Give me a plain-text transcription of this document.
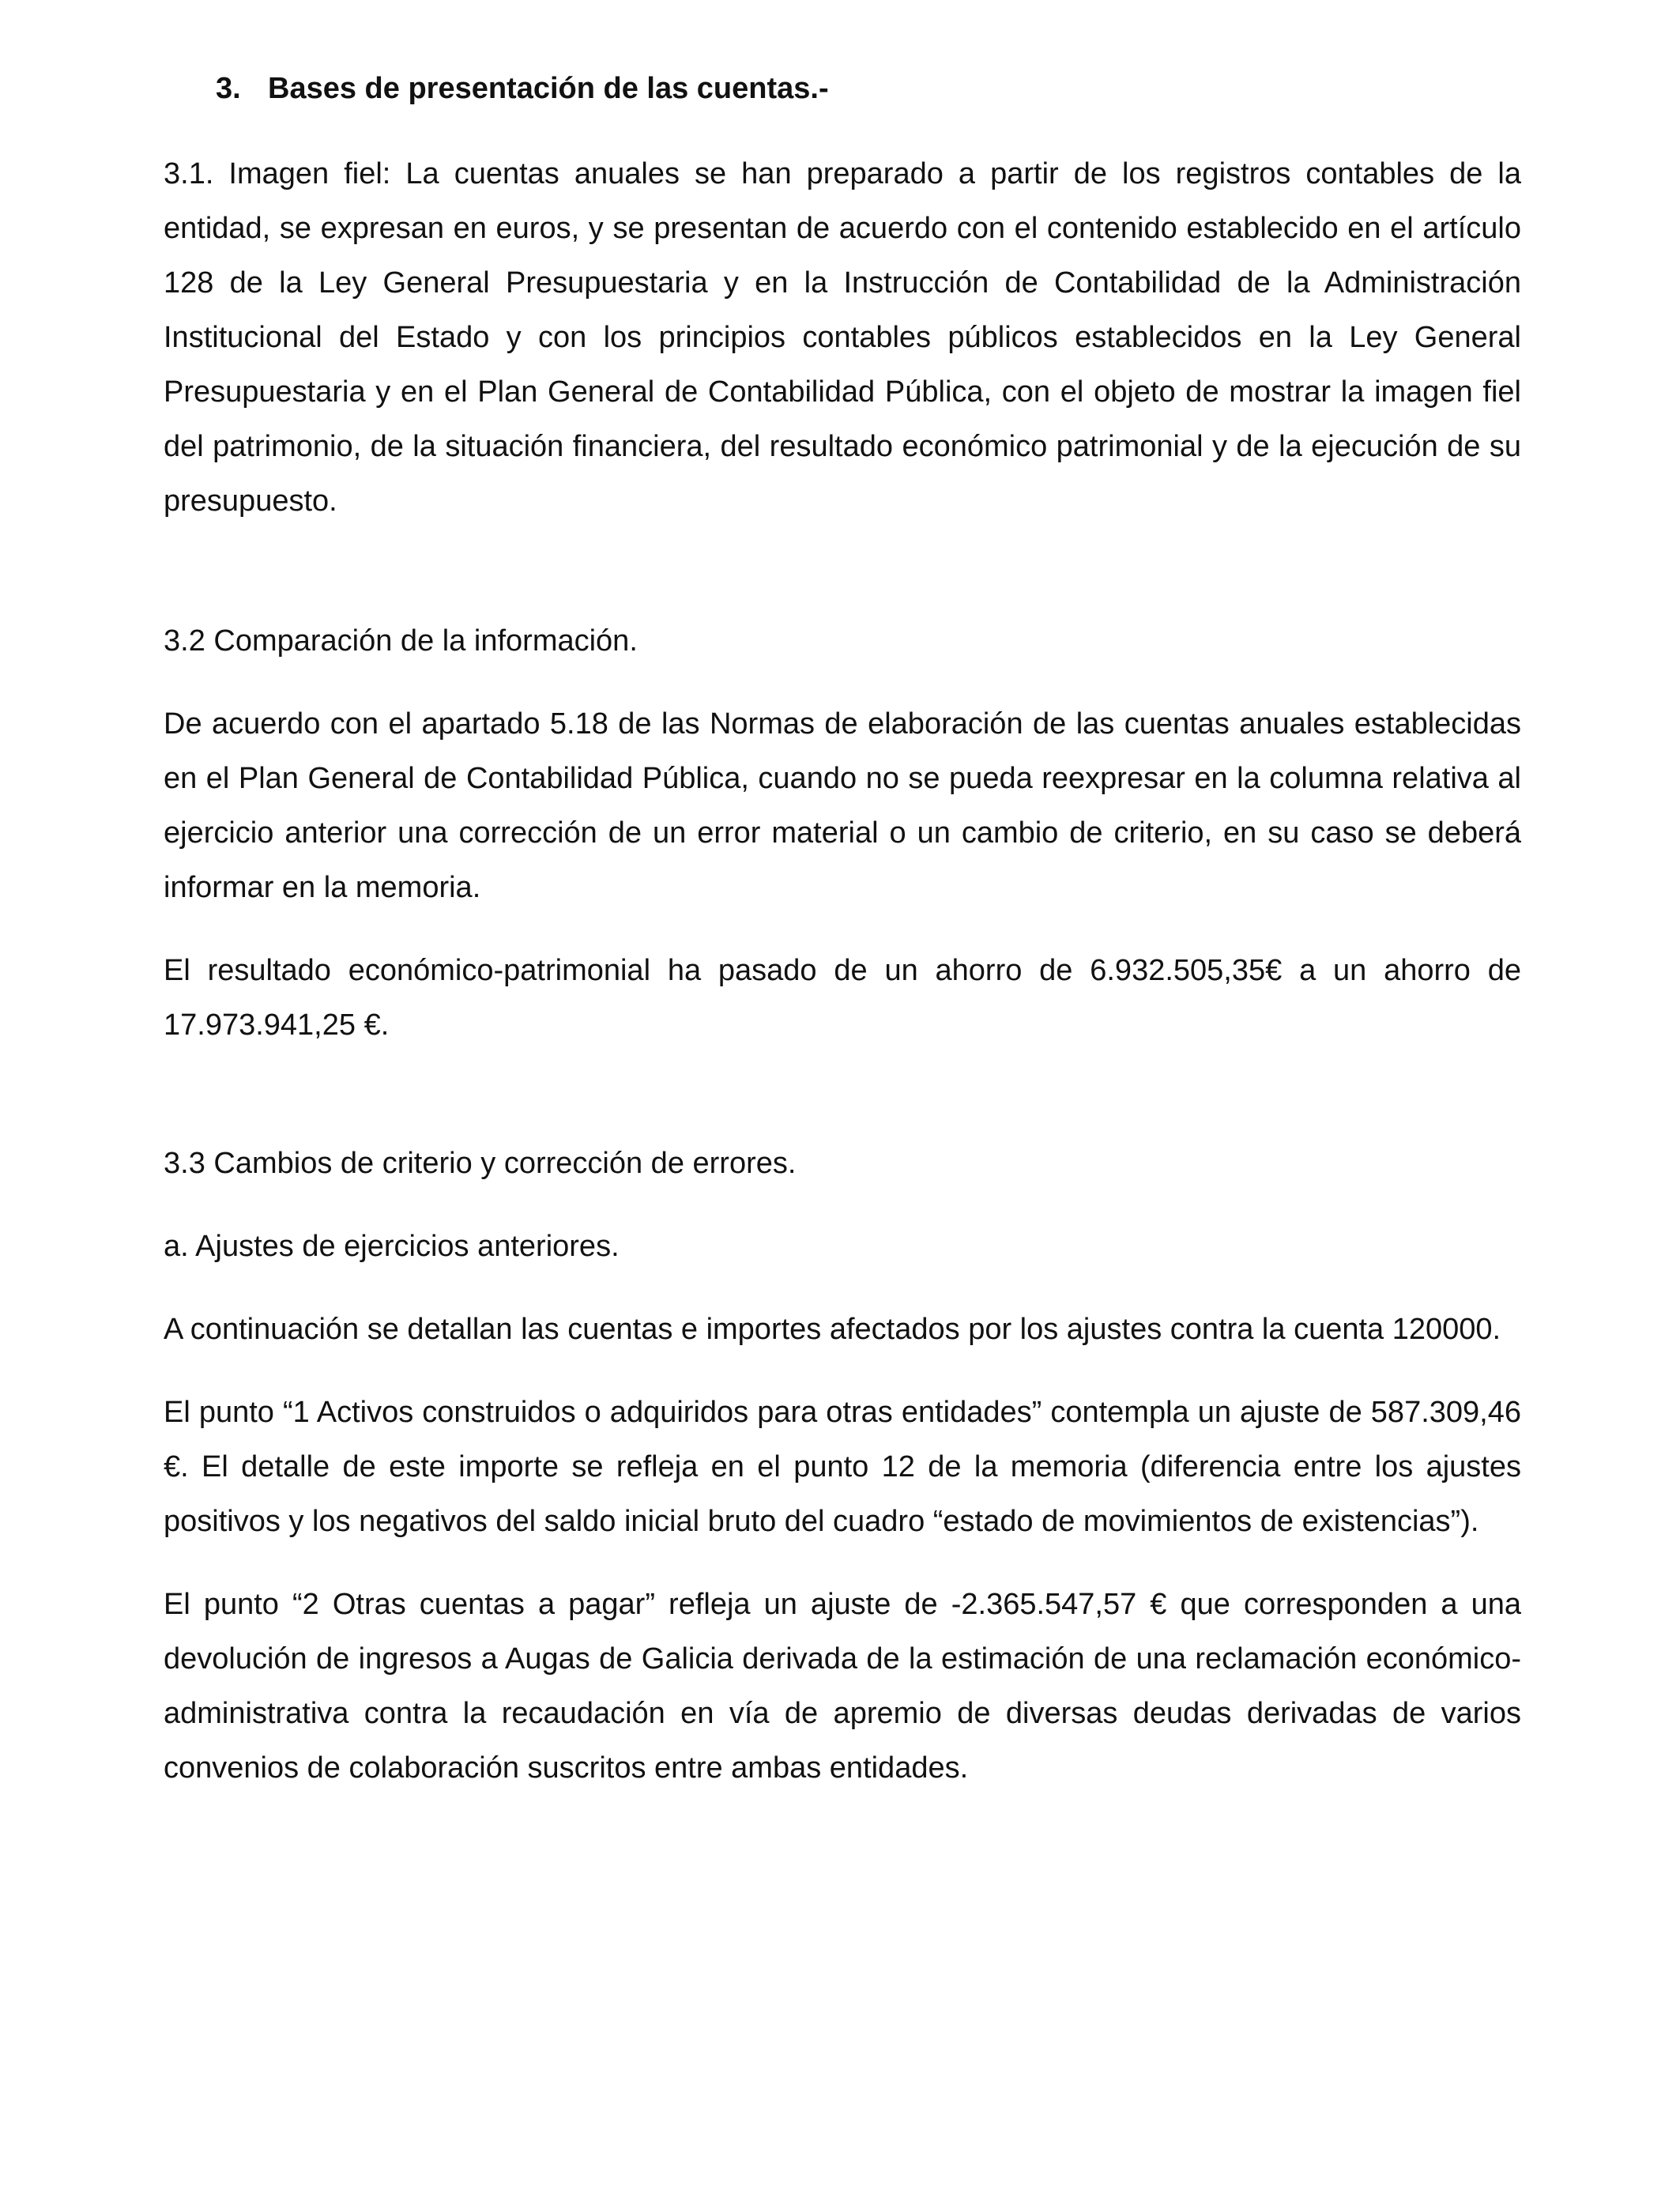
3. Bases de presentación de las cuentas.-

3.1. Imagen fiel: La cuentas anuales se han preparado a partir de los registros contables de la entidad, se expresan en euros, y se presentan de acuerdo con el contenido establecido en el artículo 128 de la Ley General Presupuestaria y en la Instrucción de Contabilidad de la Administración Institucional del Estado y con los principios contables públicos establecidos en la Ley General Presupuestaria y en el Plan General de Contabilidad Pública, con el objeto de mostrar la imagen fiel del patrimonio, de la situación financiera, del resultado económico patrimonial y de la ejecución de su presupuesto.

3.2 Comparación de la información.

De acuerdo con el apartado 5.18 de las Normas de elaboración de las cuentas anuales establecidas en el Plan General de Contabilidad Pública, cuando no se pueda reexpresar en la columna relativa al ejercicio anterior una corrección de un error material o un cambio de criterio, en su caso se deberá informar en la memoria.

El resultado económico-patrimonial ha pasado de un ahorro de 6.932.505,35€ a un ahorro de 17.973.941,25 €.

3.3 Cambios de criterio y corrección de errores.
a. Ajustes de ejercicios anteriores.

A continuación se detallan las cuentas e importes afectados por los ajustes contra la cuenta 120000.

El punto “1 Activos construidos o adquiridos para otras entidades” contempla un ajuste de 587.309,46 €. El detalle de este importe se refleja en el punto 12 de la memoria (diferencia entre los ajustes positivos y los negativos del saldo inicial bruto del cuadro “estado de movimientos de existencias”).

El punto “2 Otras cuentas a pagar” refleja un ajuste de -2.365.547,57 € que corresponden a una devolución de ingresos a Augas de Galicia derivada de la estimación de una reclamación económico-administrativa contra la recaudación en vía de apremio de diversas deudas derivadas de varios convenios de colaboración suscritos entre ambas entidades.
